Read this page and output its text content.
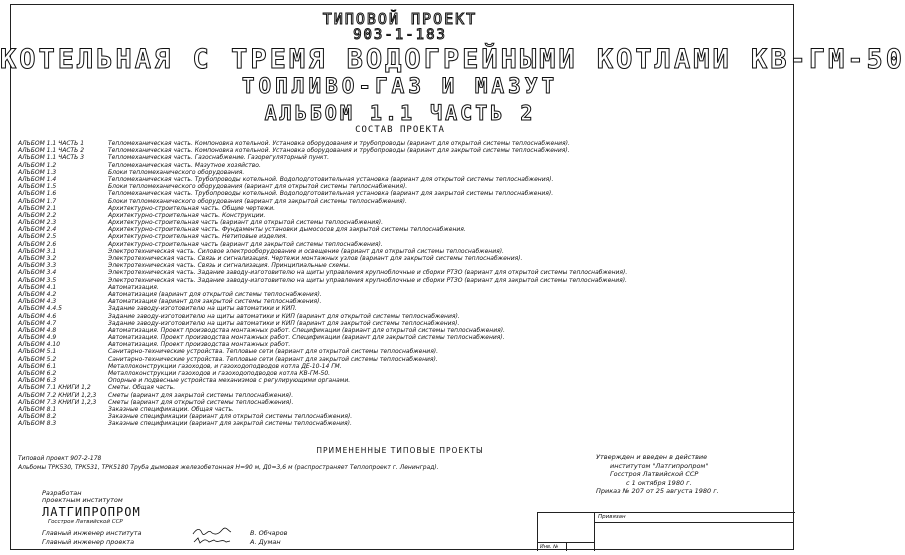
ТИПОВОЙ ПРОЕКТ
903-1-183
КОТЕЛЬНАЯ С ТРЕМЯ ВОДОГРЕЙНЫМИ КОТЛАМИ КВ-ГМ-50
ТОПЛИВО-ГАЗ И МАЗУТ
АЛЬБОМ 1.1 ЧАСТЬ 2
СОСТАВ ПРОЕКТА
АЛЬБОМ 1.1 ЧАСТЬ 1	Тепломеханическая часть. Компоновка котельной. Установка оборудования и трубопроводы (вариант для открытой системы теплоснабжения).
АЛЬБОМ 1.1 ЧАСТЬ 2	Тепломеханическая часть. Компоновка котельной. Установка оборудования и трубопроводы (вариант для закрытой системы теплоснабжения).
АЛЬБОМ 1.1 ЧАСТЬ 3	Тепломеханическая часть. Газоснабжение. Газорегуляторный пункт.
АЛЬБОМ 1.2	Тепломеханическая часть. Мазутное хозяйство.
АЛЬБОМ 1.3	Блоки тепломеханического оборудования.
АЛЬБОМ 1.4	Тепломеханическая часть. Трубопроводы котельной. Водоподготовительная установка (вариант для открытой системы теплоснабжения).
АЛЬБОМ 1.5	Блоки тепломеханического оборудования (вариант для открытой системы теплоснабжения).
АЛЬБОМ 1.6	Тепломеханическая часть. Трубопроводы котельной. Водоподготовительная установка (вариант для закрытой системы теплоснабжения).
АЛЬБОМ 1.7	Блоки тепломеханического оборудования (вариант для закрытой системы теплоснабжения).
АЛЬБОМ 2.1	Архитектурно-строительная часть. Общие чертежи.
АЛЬБОМ 2.2	Архитектурно-строительная часть. Конструкции.
АЛЬБОМ 2.3	Архитектурно-строительная часть (вариант для открытой системы теплоснабжения).
АЛЬБОМ 2.4	Архитектурно-строительная часть. Фундаменты установки дымососов для закрытой системы теплоснабжения.
АЛЬБОМ 2.5	Архитектурно-строительная часть. Нетиповые изделия.
АЛЬБОМ 2.6	Архитектурно-строительная часть (вариант для закрытой системы теплоснабжения).
АЛЬБОМ 3.1	Электротехническая часть. Силовое электрооборудование и освещение (вариант для открытой системы теплоснабжения).
АЛЬБОМ 3.2	Электротехническая часть. Связь и сигнализация. Чертежи монтажных узлов (вариант для закрытой системы теплоснабжения).
АЛЬБОМ 3.3	Электротехническая часть. Связь и сигнализация. Принципиальные схемы.
АЛЬБОМ 3.4	Электротехническая часть. Задание заводу-изготовителю на щиты управления крупноблочные и сборки РТЗО (вариант для открытой системы теплоснабжения).
АЛЬБОМ 3.5	Электротехническая часть. Задание заводу-изготовителю на щиты управления крупноблочные и сборки РТЗО (вариант для закрытой системы теплоснабжения).
АЛЬБОМ 4.1	Автоматизация.
АЛЬБОМ 4.2	Автоматизация (вариант для открытой системы теплоснабжения).
АЛЬБОМ 4.3	Автоматизация (вариант для закрытой системы теплоснабжения).
АЛЬБОМ 4.4.5	Задание заводу-изготовителю на щиты автоматики и КИП.
АЛЬБОМ 4.6	Задание заводу-изготовителю на щиты автоматики и КИП (вариант для открытой системы теплоснабжения).
АЛЬБОМ 4.7	Задание заводу-изготовителю на щиты автоматики и КИП (вариант для закрытой системы теплоснабжения).
АЛЬБОМ 4.8	Автоматизация. Проект производства монтажных работ. Спецификации (вариант для открытой системы теплоснабжения).
АЛЬБОМ 4.9	Автоматизация. Проект производства монтажных работ. Спецификации (вариант для закрытой системы теплоснабжения).
АЛЬБОМ 4.10	Автоматизация. Проект производства монтажных работ.
АЛЬБОМ 5.1	Санитарно-технические устройства. Тепловые сети (вариант для открытой системы теплоснабжения).
АЛЬБОМ 5.2	Санитарно-технические устройства. Тепловые сети (вариант для закрытой системы теплоснабжения).
АЛЬБОМ 6.1	Металлоконструкции газоходов, и газоходоподводов котла ДЕ-10-14 ГМ.
АЛЬБОМ 6.2	Металлоконструкции газоходов и газоходоподводов котла КВ-ГМ-50.
АЛЬБОМ 6.3	Опорные и подвесные устройства механизмов с регулирующими органами.
АЛЬБОМ 7.1 КНИГИ 1,2	Сметы. Общая часть.
АЛЬБОМ 7.2 КНИГИ 1,2,3	Сметы (вариант для закрытой системы теплоснабжения).
АЛЬБОМ 7.3 КНИГИ 1,2,3	Сметы (вариант для открытой системы теплоснабжения).
АЛЬБОМ 8.1	Заказные спецификации. Общая часть.
АЛЬБОМ 8.2	Заказные спецификации (вариант для открытой системы теплоснабжения).
АЛЬБОМ 8.3	Заказные спецификации (вариант для закрытой системы теплоснабжения).
ПРИМЕНЕННЫЕ ТИПОВЫЕ ПРОЕКТЫ
Типовой проект 907-2-178
Альбомы ТРК530, ТРК531, ТРК5180 Труба дымовая железобетонная Н=90 м, Д0=3,6 м (распространяет Теплопроект г. Ленинград).
Утвержден и введен в действие
институтом "Латгипропром"
Госстроя Латвийской ССР
с 1 октября 1980 г.
Приказ № 207 от 25 августа 1980 г.
Разработан
проектным институтом
ЛАТГИПРОПРОМ
Госстроя Латвийской ССР
Главный инженер института	В. Обчаров
Главный инженер проекта	А. Думан
Привязан
Инв. №
